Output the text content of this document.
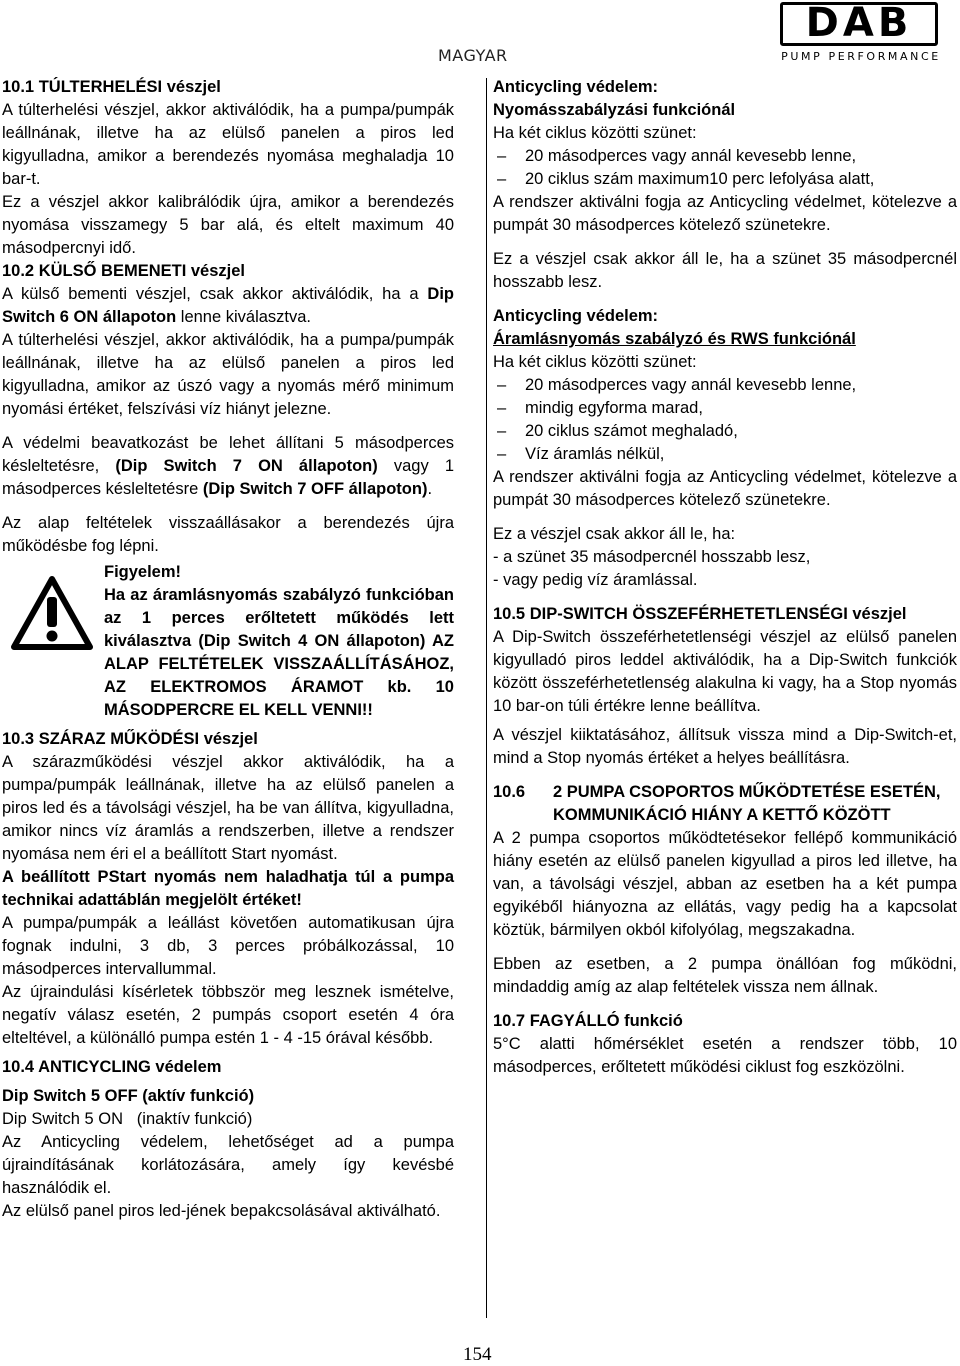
MAGYAR
DAB
PUMP PERFORMANCE

10.1 TÚLTERHELÉSI vészjel

A túlterhelési vészjel, akkor aktiválódik, ha a pumpa/pumpák leállnának, illetve ha az elülső panelen a piros led kigyulladna, amikor a berendezés nyomása meghaladja 10 bar-t.

Ez a vészjel akkor kalibrálódik újra, amikor a berendezés nyomása visszamegy 5 bar alá, és eltelt maximum 40 másodpercnyi idő.

10.2 KÜLSŐ BEMENETI vészjel

A külső bementi vészjel, csak akkor aktiválódik, ha a Dip Switch 6 ON állapoton lenne kiválasztva.

A túlterhelési vészjel, akkor aktiválódik, ha a pumpa/pumpák leállnának, illetve ha az elülső panelen a piros led kigyulladna, amikor az úszó vagy a nyomás mérő minimum nyomási értéket, felszívási víz hiányt jelezne.

A védelmi beavatkozást be lehet állítani 5 másodperces késleltetésre, (Dip Switch 7 ON állapoton) vagy 1 másodperces késleltetésre (Dip Switch 7 OFF állapoton).

Az alap feltételek visszaállásakor a berendezés újra működésbe fog lépni.

Figyelem!

Ha az áramlásnyomás szabályzó funkcióban az 1 perces erőltetett működés lett kiválasztva (Dip Switch 4 ON állapoton) AZ ALAP FELTÉTELEK VISSZAÁLLÍTÁSÁHOZ, AZ ELEKTROMOS ÁRAMOT kb. 10 MÁSODPERCRE EL KELL VENNI!!

10.3 SZÁRAZ MŰKÖDÉSI vészjel

A szárazműködési vészjel akkor aktiválódik, ha a pumpa/pumpák leállnának, illetve ha az elülső panelen a piros led és a távolsági vészjel, ha be van állítva, kigyulladna, amikor nincs víz áramlás a rendszerben, illetve a rendszer nyomása nem éri el a beállított Start nyomást.

A beállított PStart nyomás nem haladhatja túl a pumpa technikai adattáblán megjelölt értéket!

A pumpa/pumpák a leállást követően automatikusan újra fognak indulni, 3 db, 3 perces próbálkozással, 10 másodperces intervallummal.

Az újraindulási kísérletek többször meg lesznek ismételve, negatív válasz esetén, 2 pumpás csoport esetén 4 óra elteltével, a különálló pumpa estén 1 - 4 -15 órával később.

10.4 ANTICYCLING védelem

Dip Switch 5 OFF (aktív funkció)

Dip Switch 5 ON   (inaktív funkció)

Az Anticycling védelem, lehetőséget ad a pumpa újraindításának korlátozására, amely így kevésbé használódik el.

Az elülső panel piros led-jének bepakcsolásával aktiválható.

Anticycling védelem:

Nyomásszabályzási funkciónál

Ha két ciklus közötti szünet:

– 20 másodperces vagy annál kevesebb lenne,

– 20 ciklus szám maximum10 perc lefolyása alatt,

A rendszer aktiválni fogja az Anticycling védelmet, kötelezve a pumpát 30 másodperces kötelező szünetekre.

Ez a vészjel csak akkor áll le, ha a szünet 35 másodpercnél hosszabb lesz.

Anticycling védelem:

Áramlásnyomás szabályzó és RWS funkciónál

Ha két ciklus közötti szünet:

– 20 másodperces vagy annál kevesebb lenne,

– mindig egyforma marad,

– 20 ciklus számot meghaladó,

– Víz áramlás nélkül,

A rendszer aktiválni fogja az Anticycling védelmet, kötelezve a pumpát 30 másodperces kötelező szünetekre.

Ez a vészjel csak akkor áll le, ha:

- a szünet 35 másodpercnél hosszabb lesz,

- vagy pedig víz áramlással.

10.5 DIP-SWITCH ÖSSZEFÉRHETETLENSÉGI vészjel

A Dip-Switch összeférhetetlenségi vészjel az elülső panelen kigyulladó piros leddel aktiválódik, ha a Dip-Switch funkciók között összeférhetetlenség alakulna ki vagy, ha a Stop nyomás 10 bar-on túli értékre lenne beállítva.

A vészjel kiiktatásához, állítsuk vissza mind a Dip-Switch-et, mind a Stop nyomás értéket a helyes beállításra.

10.6	2 PUMPA CSOPORTOS MŰKÖDTETÉSE ESETÉN, KOMMUNIKÁCIÓ HIÁNY A KETTŐ KÖZÖTT

A 2 pumpa csoportos működtetésekor fellépő kommunikáció hiány esetén az elülső panelen kigyullad a piros led illetve, ha van, a távolsági vészjel, abban az esetben ha a két pumpa egyikéből hiányozna az ellátás, vagy pedig ha a kapcsolat köztük, bármilyen okból kifolyólag, megszakadna.

Ebben az esetben, a 2 pumpa önállóan fog működni, mindaddig amíg az alap feltételek vissza nem állnak.

10.7 FAGYÁLLÓ funkció

5°C alatti hőmérséklet esetén a rendszer több, 10 másodperces, erőltetett működési ciklust fog eszközölni.

154
